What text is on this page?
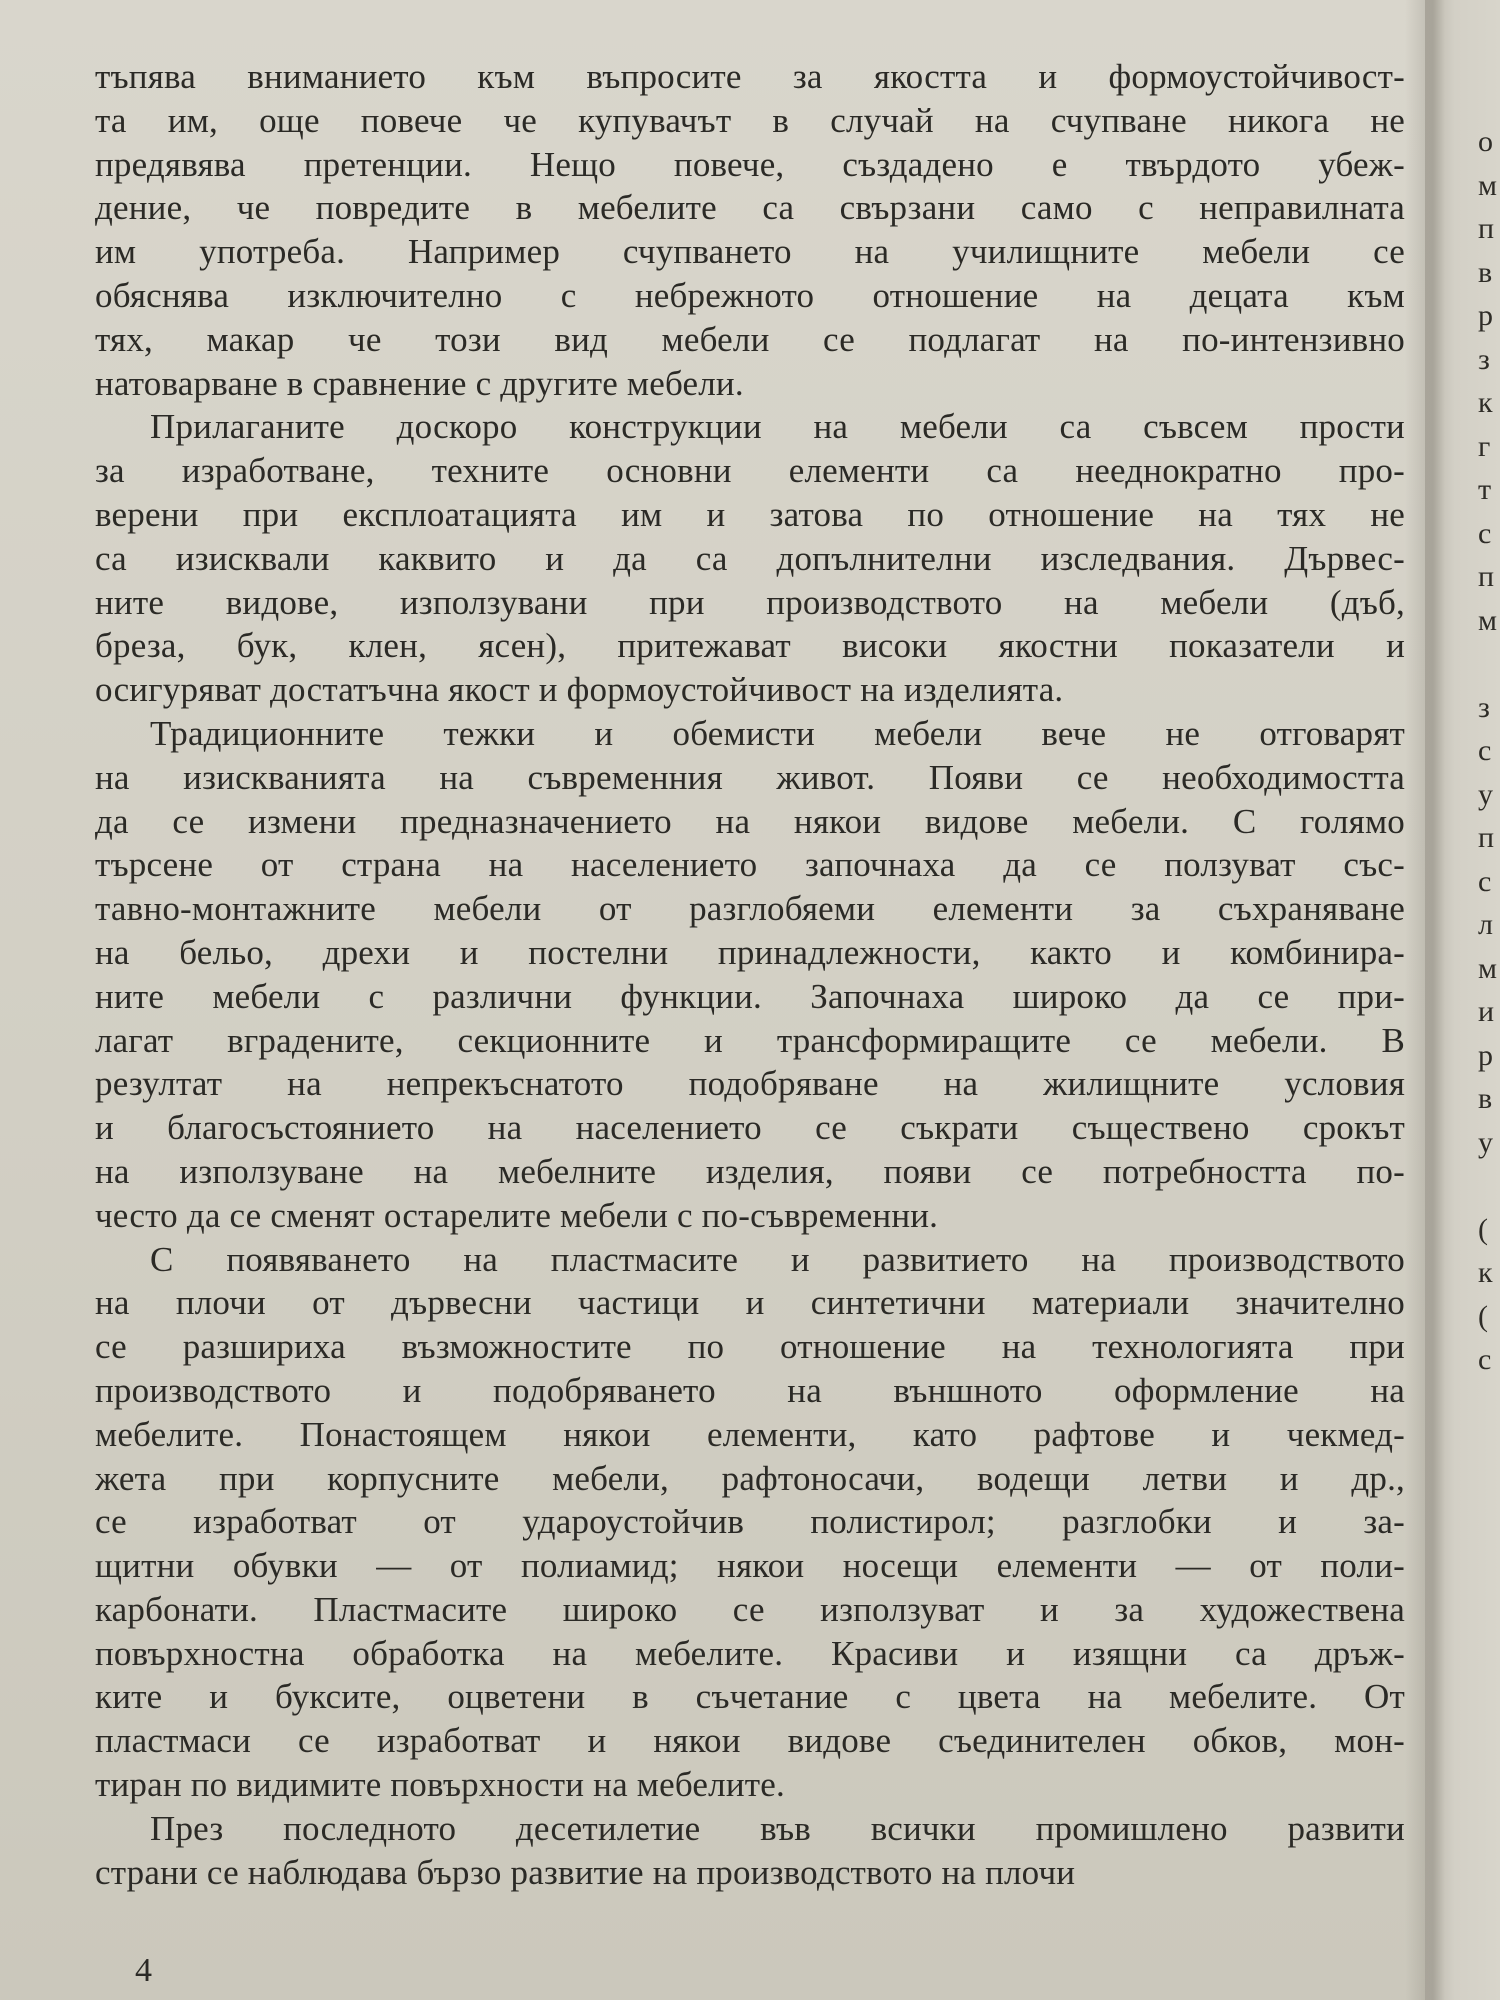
тъпява вниманието към въпросите за якостта и формоустойчивост-
та им, още повече че купувачът в случай на счупване никога не
предявява претенции. Нещо повече, създадено е твърдото убеж-
дение, че повредите в мебелите са свързани само с неправилната
им употреба. Например счупването на училищните мебели се
обяснява изключително с небрежното отношение на децата към
тях, макар че този вид мебели се подлагат на по-интензивно
натоварване в сравнение с другите мебели.
Прилаганите доскоро конструкции на мебели са съвсем прости
за изработване, техните основни елементи са нееднократно про-
верени при експлоатацията им и затова по отношение на тях не
са изисквали каквито и да са допълнителни изследвания. Дървес-
ните видове, използувани при производството на мебели (дъб,
бреза, бук, клен, ясен), притежават високи якостни показатели и
осигуряват достатъчна якост и формоустойчивост на изделията.
Традиционните тежки и обемисти мебели вече не отговарят
на изискванията на съвременния живот. Появи се необходимостта
да се измени предназначението на някои видове мебели. С голямо
търсене от страна на населението започнаха да се ползуват със-
тавно-монтажните мебели от разглобяеми елементи за съхраняване
на бельо, дрехи и постелни принадлежности, както и комбинира-
ните мебели с различни функции. Започнаха широко да се при-
лагат вградените, секционните и трансформиращите се мебели. В
резултат на непрекъснатото подобряване на жилищните условия
и благосъстоянието на населението се съкрати съществено срокът
на използуване на мебелните изделия, появи се потребността по-
често да се сменят остарелите мебели с по-съвременни.
С появяването на пластмасите и развитието на производството
на плочи от дървесни частици и синтетични материали значително
се разшириха възможностите по отношение на технологията при
производството и подобряването на външното оформление на
мебелите. Понастоящем някои елементи, като рафтове и чекмед-
жета при корпусните мебели, рафтоносачи, водещи летви и др.,
се изработват от удароустойчив полистирол; разглобки и за-
щитни обувки — от полиамид; някои носещи елементи — от поли-
карбонати. Пластмасите широко се използуват и за художествена
повърхностна обработка на мебелите. Красиви и изящни са дръж-
ките и буксите, оцветени в съчетание с цвета на мебелите. От
пластмаси се изработват и някои видове съединителен обков, мон-
тиран по видимите повърхности на мебелите.
През последното десетилетие във всички промишлено развити
страни се наблюдава бързо развитие на производството на плочи
о
м
п
в
р
з
к
г
т
с
п
м
з
с
у
п
с
л
м
и
р
в
у
(
к
(
с
4
